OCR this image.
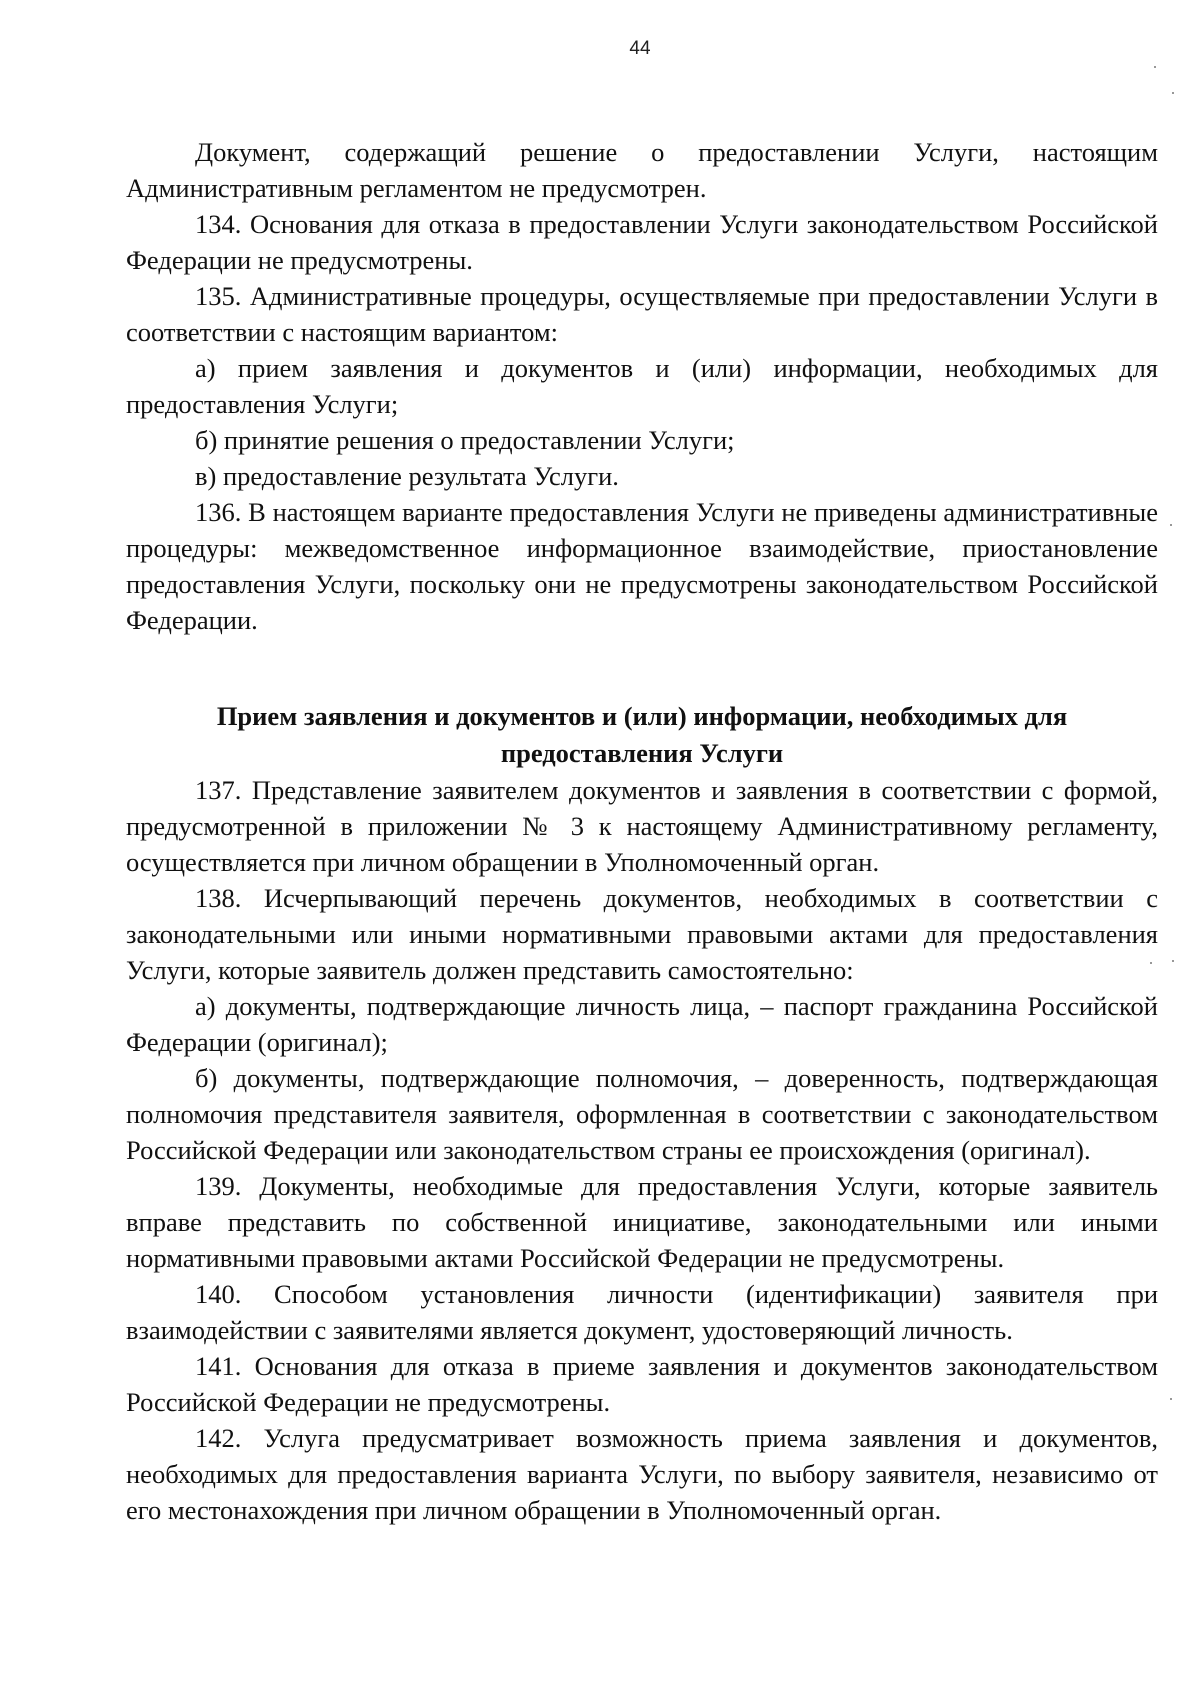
44

Документ, содержащий решение о предоставлении Услуги, настоящим Административным регламентом не предусмотрен.

134. Основания для отказа в предоставлении Услуги законодательством Российской Федерации не предусмотрены.

135. Административные процедуры, осуществляемые при предоставлении Услуги в соответствии с настоящим вариантом:

а) прием заявления и документов и (или) информации, необходимых для предоставления Услуги;

б) принятие решения о предоставлении Услуги;

в) предоставление результата Услуги.

136. В настоящем варианте предоставления Услуги не приведены административные процедуры: межведомственное информационное взаимодействие, приостановление предоставления Услуги, поскольку они не предусмотрены законодательством Российской Федерации.

Прием заявления и документов и (или) информации, необходимых для предоставления Услуги

137. Представление заявителем документов и заявления в соответствии с формой, предусмотренной в приложении № 3 к настоящему Административному регламенту, осуществляется при личном обращении в Уполномоченный орган.

138. Исчерпывающий перечень документов, необходимых в соответствии с законодательными или иными нормативными правовыми актами для предоставления Услуги, которые заявитель должен представить самостоятельно:

а) документы, подтверждающие личность лица, – паспорт гражданина Российской Федерации (оригинал);

б) документы, подтверждающие полномочия, – доверенность, подтверждающая полномочия представителя заявителя, оформленная в соответствии с законодательством Российской Федерации или законодательством страны ее происхождения (оригинал).

139. Документы, необходимые для предоставления Услуги, которые заявитель вправе представить по собственной инициативе, законодательными или иными нормативными правовыми актами Российской Федерации не предусмотрены.

140. Способом установления личности (идентификации) заявителя при взаимодействии с заявителями является документ, удостоверяющий личность.

141. Основания для отказа в приеме заявления и документов законодательством Российской Федерации не предусмотрены.

142. Услуга предусматривает возможность приема заявления и документов, необходимых для предоставления варианта Услуги, по выбору заявителя, независимо от его местонахождения при личном обращении в Уполномоченный орган.
